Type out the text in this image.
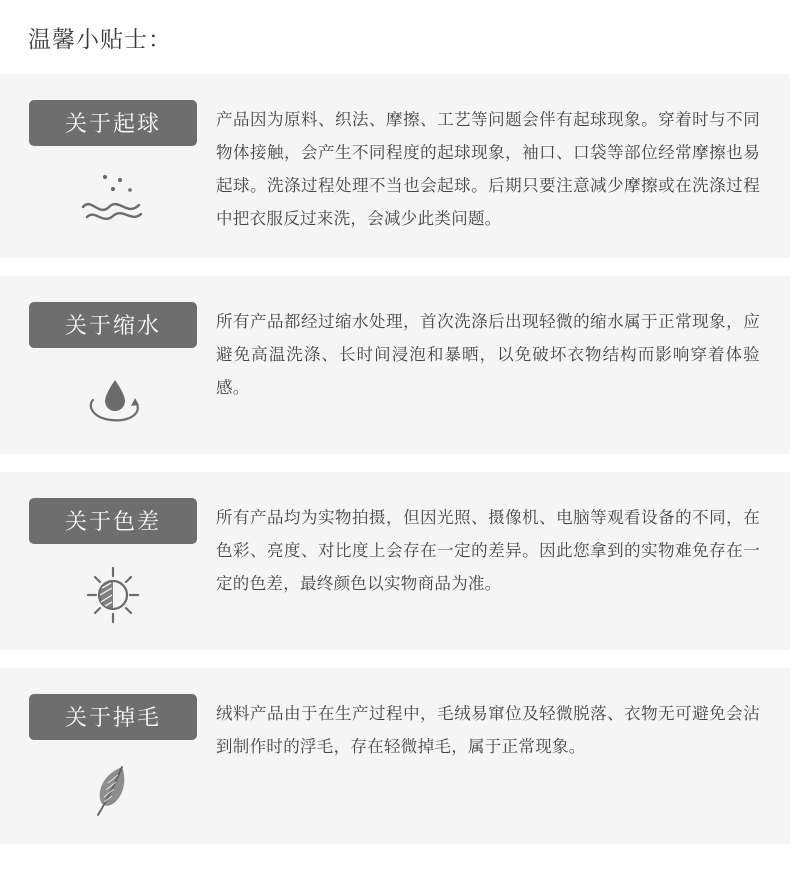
温馨小贴士：
关于起球	产品因为原料、织法、摩擦、工艺等问题会伴有起球现象。穿着时与不同物体接触，会产生不同程度的起球现象，袖口、口袋等部位经常摩擦也易起球。洗涤过程处理不当也会起球。后期只要注意减少摩擦或在洗涤过程中把衣服反过来洗，会减少此类问题。

关于缩水	所有产品都经过缩水处理，首次洗涤后出现轻微的缩水属于正常现象，应避免高温洗涤、长时间浸泡和暴晒，以免破坏衣物结构而影响穿着体验感。

关于色差	所有产品均为实物拍摄，但因光照、摄像机、电脑等观看设备的不同，在色彩、亮度、对比度上会存在一定的差异。因此您拿到的实物难免存在一定的色差，最终颜色以实物商品为准。

关于掉毛	绒料产品由于在生产过程中，毛绒易窜位及轻微脱落、衣物无可避免会沾到制作时的浮毛，存在轻微掉毛，属于正常现象。
